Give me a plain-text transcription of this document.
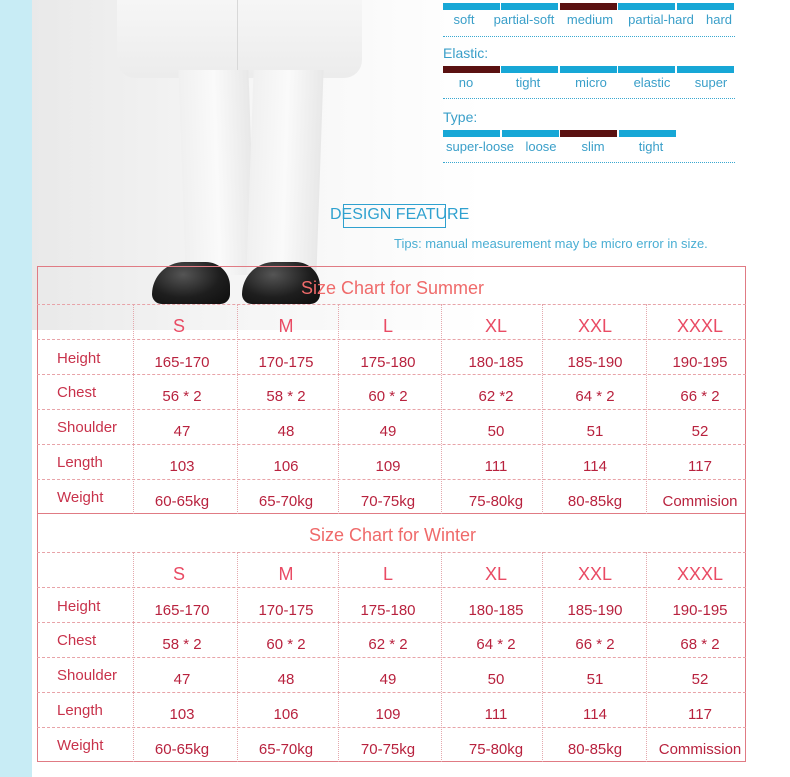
soft partial-soft medium partial-hard hard
Elastic:
no	tight	micro elastic super
Type:
super-loose loose slim	tight
DESIGN FEATURE
Tips: manual measurement may be micro error in size.
Size Chart for Summer
S	M	L	XL	XXL	XXXL
Height	165-170	170-175	175-180	180-185	185-190	190-195
Chest	56 * 2	58 * 2	60 * 2	62 *2	64 * 2	66 * 2
Shoulder	47	48	49	50	51	52
Length	103	106	109	111	114	117
Weight	60-65kg	65-70kg	70-75kg	75-80kg	80-85kg	Commision
Size Chart for Winter
S	M	L	XL	XXL	XXXL
Height	165-170	170-175	175-180	180-185	185-190	190-195
Chest	58 * 2	60 * 2	62 * 2	64 * 2	66 * 2	68 * 2
Shoulder	47	48	49	50	51	52
Length	103	106	109	111	114	117
Weight	60-65kg	65-70kg	70-75kg	75-80kg	80-85kg Commission
